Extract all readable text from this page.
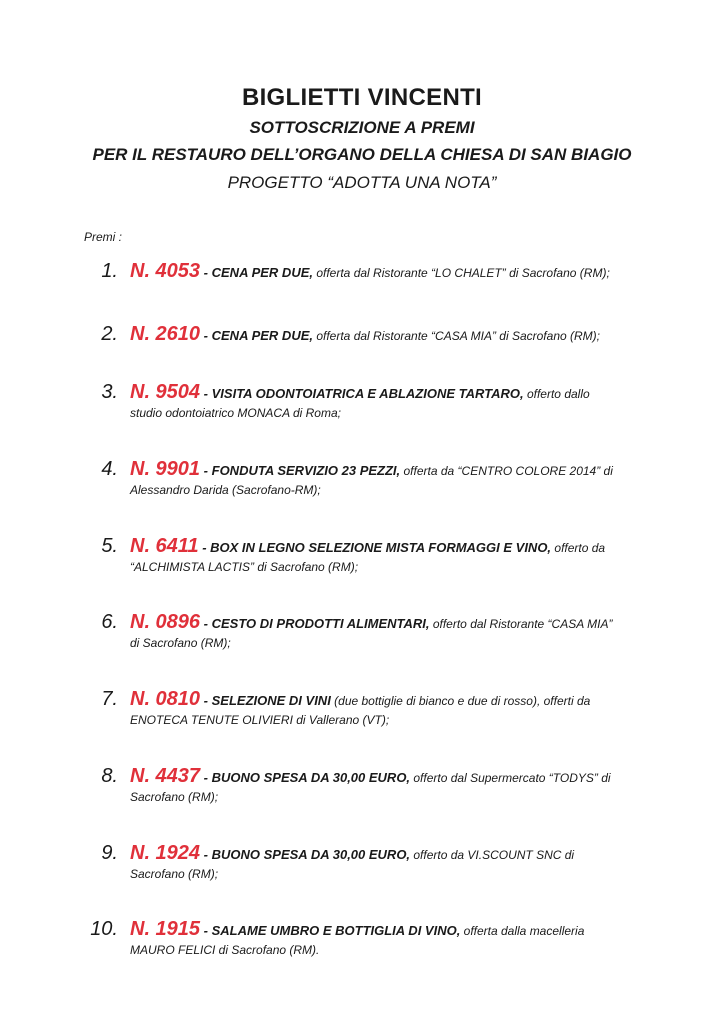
BIGLIETTI VINCENTI
SOTTOSCRIZIONE A PREMI
PER IL RESTAURO DELL’ORGANO DELLA CHIESA DI SAN BIAGIO
PROGETTO “ADOTTA UNA NOTA”
Premi :
1. N. 4053 - CENA PER DUE, offerta dal Ristorante “LO CHALET” di Sacrofano (RM);
2. N. 2610 - CENA PER DUE, offerta dal Ristorante “CASA MIA” di Sacrofano (RM);
3. N. 9504 - VISITA ODONTOIATRICA E ABLAZIONE TARTARO, offerto dallo
studio odontoiatrico MONACA di Roma;
4. N. 9901 - FONDUTA SERVIZIO 23 PEZZI, offerta da “CENTRO COLORE 2014” di
Alessandro Darida (Sacrofano-RM);
5. N. 6411 - BOX IN LEGNO SELEZIONE MISTA FORMAGGI E VINO, offerto da
“ALCHIMISTA LACTIS” di Sacrofano (RM);
6. N. 0896 - CESTO DI PRODOTTI ALIMENTARI, offerto dal Ristorante “CASA MIA”
di Sacrofano (RM);
7. N. 0810 - SELEZIONE DI VINI (due bottiglie di bianco e due di rosso), offerti da
ENOTECA TENUTE OLIVIERI di Vallerano (VT);
8. N. 4437 - BUONO SPESA DA 30,00 EURO, offerto dal Supermercato “TODYS” di
Sacrofano (RM);
9. N. 1924 - BUONO SPESA DA 30,00 EURO, offerto da VI.SCOUNT SNC di
Sacrofano (RM);
10. N. 1915 - SALAME UMBRO E BOTTIGLIA DI VINO, offerta dalla macelleria
MAURO FELICI di Sacrofano (RM).
